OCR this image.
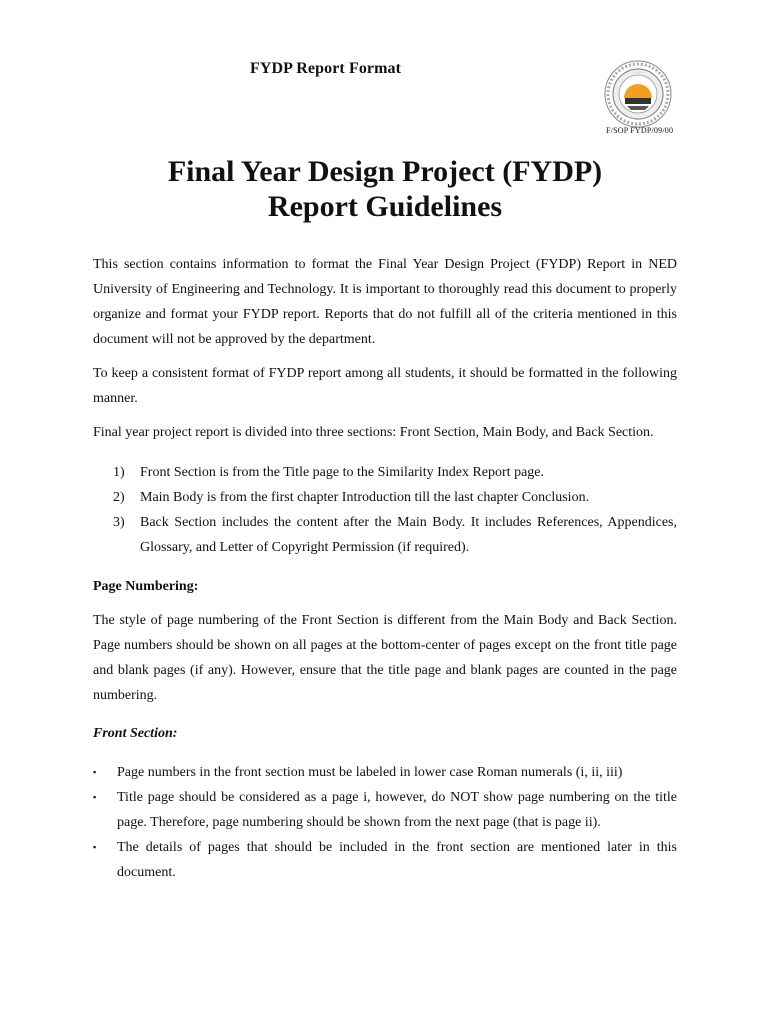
FYDP Report Format	· · · · · ·
F/SOP FYDP/09/00
Final Year Design Project (FYDP)
Report Guidelines

This section contains information to format the Final Year Design Project (FYDP) Report in NED University of Engineering and Technology. It is important to thoroughly read this document to properly organize and format your FYDP report. Reports that do not fulfill all of the criteria mentioned in this document will not be approved by the department.

To keep a consistent format of FYDP report among all students, it should be formatted in the following manner.

Final year project report is divided into three sections: Front Section, Main Body, and Back Section.

1)	Front Section is from the Title page to the Similarity Index Report page.
2)	Main Body is from the first chapter Introduction till the last chapter Conclusion.
3)	Back Section includes the content after the Main Body. It includes References, Appendices, Glossary, and Letter of Copyright Permission (if required).

Page Numbering:

The style of page numbering of the Front Section is different from the Main Body and Back Section. Page numbers should be shown on all pages at the bottom-center of pages except on the front title page and blank pages (if any). However, ensure that the title page and blank pages are counted in the page numbering.

Front Section:

▪	Page numbers in the front section must be labeled in lower case Roman numerals (i, ii, iii)
▪	Title page should be considered as a page i, however, do NOT show page numbering on the title page. Therefore, page numbering should be shown from the next page (that is page ii).
▪	The details of pages that should be included in the front section are mentioned later in this document.
